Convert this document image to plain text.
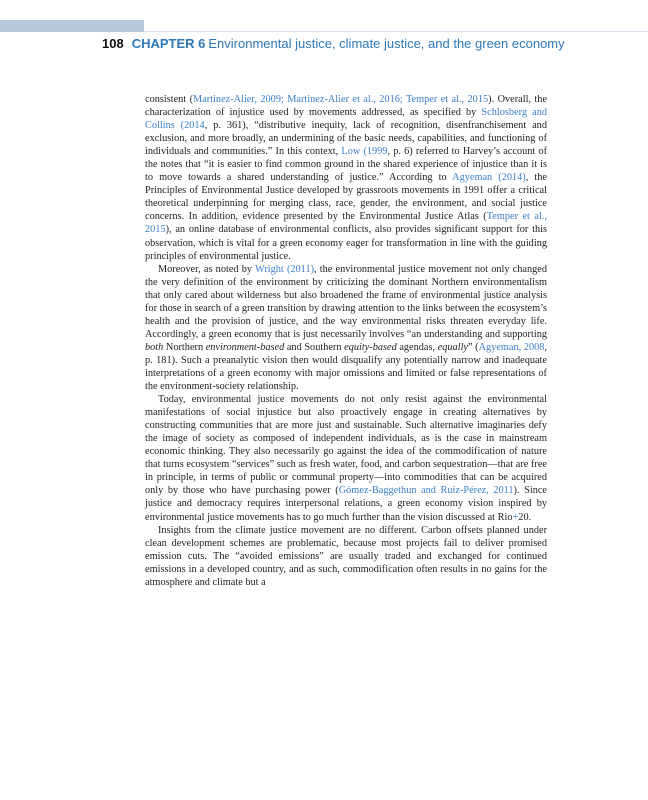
108 CHAPTER 6 Environmental justice, climate justice, and the green economy

consistent (Martinez-Alier, 2009; Martinez-Alier et al., 2016; Temper et al., 2015). Overall, the characterization of injustice used by movements addressed, as specified by Schlosberg and Collins (2014, p. 361), “distributive inequity, lack of recognition, disenfranchisement and exclusion, and more broadly, an undermining of the basic needs, capabilities, and functioning of individuals and communities.” In this context, Low (1999, p. 6) referred to Harvey’s account of the notes that “it is easier to find common ground in the shared experience of injustice than it is to move towards a shared understanding of justice.” According to Agyeman (2014), the Principles of Environmental Justice developed by grassroots movements in 1991 offer a critical theoretical underpinning for merging class, race, gender, the environment, and social justice concerns. In addition, evidence presented by the Environmental Justice Atlas (Temper et al., 2015), an online database of environmental conflicts, also provides significant support for this observation, which is vital for a green economy eager for transformation in line with the guiding principles of environmental justice.

Moreover, as noted by Wright (2011), the environmental justice movement not only changed the very definition of the environment by criticizing the dominant Northern environmentalism that only cared about wilderness but also broadened the frame of environmental justice analysis for those in search of a green transition by drawing attention to the links between the ecosystem’s health and the provision of justice, and the way environmental risks threaten everyday life. Accordingly, a green economy that is just necessarily involves “an understanding and supporting both Northern environment-based and Southern equity-based agendas, equally” (Agyeman, 2008, p. 181). Such a preanalytic vision then would disqualify any potentially narrow and inadequate interpretations of a green economy with major omissions and limited or false representations of the environment-society relationship.

Today, environmental justice movements do not only resist against the environmental manifestations of social injustice but also proactively engage in creating alternatives by constructing communities that are more just and sustainable. Such alternative imaginaries defy the image of society as composed of independent individuals, as is the case in mainstream economic thinking. They also necessarily go against the idea of the commodification of nature that turns ecosystem “services” such as fresh water, food, and carbon sequestration—that are free in principle, in terms of public or communal property—into commodities that can be acquired only by those who have purchasing power (Gómez-Baggethun and Ruiz-Pérez, 2011). Since justice and democracy requires interpersonal relations, a green economy vision inspired by environmental justice movements has to go much further than the vision discussed at Rio+20.

Insights from the climate justice movement are no different. Carbon offsets planned under clean development schemes are problematic, because most projects fail to deliver promised emission cuts. The “avoided emissions” are usually traded and exchanged for continued emissions in a developed country, and as such, commodification often results in no gains for the atmosphere and climate but a
